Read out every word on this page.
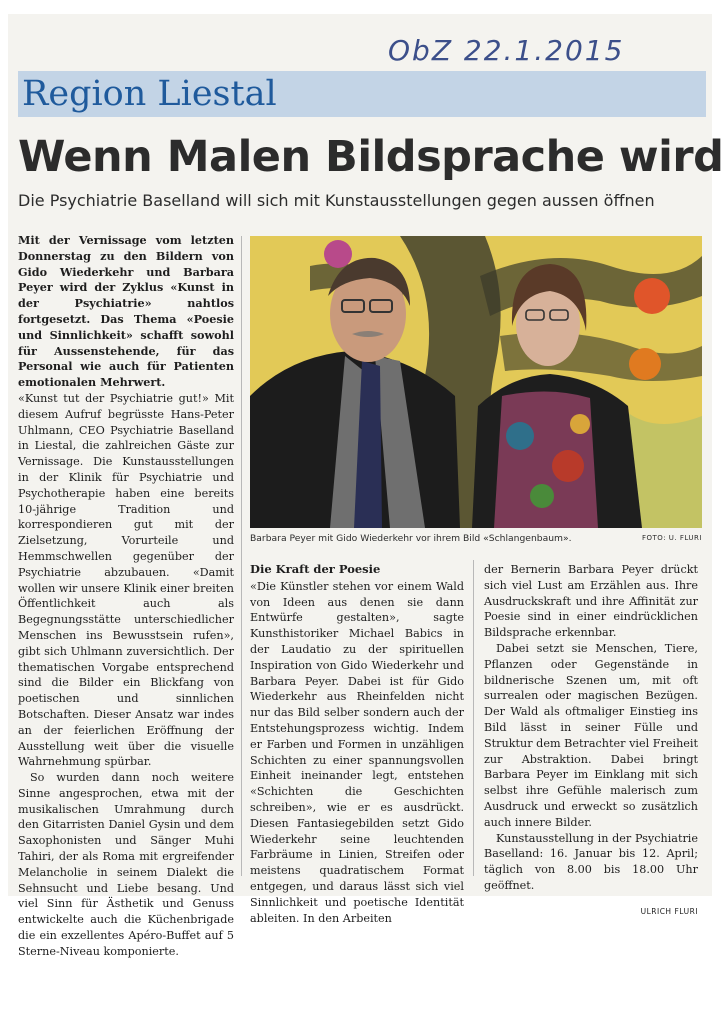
ObZ 22.1.2015
Region Liestal
Wenn Malen Bildsprache wird
Die Psychiatrie Baselland will sich mit Kunstausstellungen gegen aussen öffnen

Mit der Vernissage vom letzten Donnerstag zu den Bildern von Gido Wiederkehr und Barbara Peyer wird der Zyklus «Kunst in der Psychiatrie» nahtlos fortgesetzt. Das Thema «Poesie und Sinnlichkeit» schafft sowohl für Aussenstehende, für das Personal wie auch für Patienten emotionalen Mehrwert.

«Kunst tut der Psychiatrie gut!» Mit diesem Aufruf begrüsste Hans-Peter Uhlmann, CEO Psychiatrie Baselland in Liestal, die zahlreichen Gäste zur Vernissage. Die Kunstausstellungen in der Klinik für Psychiatrie und Psychotherapie haben eine bereits 10-jährige Tradition und korrespondieren gut mit der Zielsetzung, Vorurteile und Hemmschwellen gegenüber der Psychiatrie abzubauen. «Damit wollen wir unsere Klinik einer breiten Öffentlichkeit auch als Begegnungsstätte unterschiedlicher Menschen ins Bewusstsein rufen», gibt sich Uhlmann zuversichtlich. Der thematischen Vorgabe entsprechend sind die Bilder ein Blickfang von poetischen und sinnlichen Botschaften. Dieser Ansatz war indes an der feierlichen Eröffnung der Ausstellung weit über die visuelle Wahrnehmung spürbar.

So wurden dann noch weitere Sinne angesprochen, etwa mit der musikalischen Umrahmung durch den Gitarristen Daniel Gysin und dem Saxophonisten und Sänger Muhi Tahiri, der als Roma mit ergreifender Melancholie in seinem Dialekt die Sehnsucht und Liebe besang. Und viel Sinn für Ästhetik und Genuss entwickelte auch die Küchenbrigade die ein exzellentes Apéro-Buffet auf 5 Sterne-Niveau komponierte.

Barbara Peyer mit Gido Wiederkehr vor ihrem Bild «Schlangenbaum».	FOTO: U. FLURI
Die Kraft der Poesie

«Die Künstler stehen vor einem Wald von Ideen aus denen sie dann Entwürfe gestalten», sagte Kunsthistoriker Michael Babics in der Laudatio zu der spirituellen Inspiration von Gido Wiederkehr und Barbara Peyer. Dabei ist für Gido Wiederkehr aus Rheinfelden nicht nur das Bild selber sondern auch der Entstehungsprozess wichtig. Indem er Farben und Formen in unzähligen Schichten zu einer spannungsvollen Einheit ineinander legt, entstehen «Schichten die Geschichten schreiben», wie er es ausdrückt. Diesen Fantasiegebilden setzt Gido Wiederkehr seine leuchtenden Farbräume in Linien, Streifen oder meistens quadratischem Format entgegen, und daraus lässt sich viel Sinnlichkeit und poetische Identität ableiten. In den Arbeiten

der Bernerin Barbara Peyer drückt sich viel Lust am Erzählen aus. Ihre Ausdruckskraft und ihre Affinität zur Poesie sind in einer eindrücklichen Bildsprache erkennbar.

Dabei setzt sie Menschen, Tiere, Pflanzen oder Gegenstände in bildnerische Szenen um, mit oft surrealen oder magischen Bezügen. Der Wald als oftmaliger Einstieg ins Bild lässt in seiner Fülle und Struktur dem Betrachter viel Freiheit zur Abstraktion. Dabei bringt Barbara Peyer im Einklang mit sich selbst ihre Gefühle malerisch zum Ausdruck und erweckt so zusätzlich auch innere Bilder.

Kunstausstellung in der Psychiatrie Baselland: 16. Januar bis 12. April; täglich von 8.00 bis 18.00 Uhr geöffnet.

ULRICH FLURI
